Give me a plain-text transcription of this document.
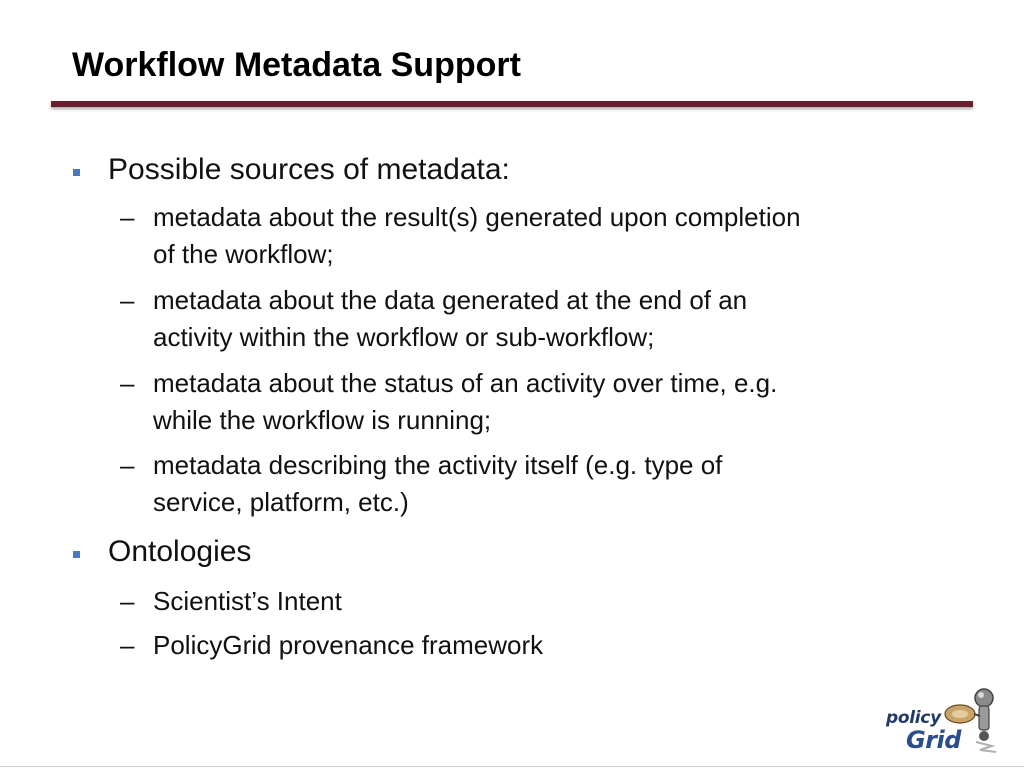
Workflow Metadata Support
Possible sources of metadata:
– metadata about the result(s) generated upon completion
of the workflow;
– metadata about the data generated at the end of an
activity within the workflow or sub-workflow;
– metadata about the status of an activity over time, e.g.
while the workflow is running;
– metadata describing the activity itself (e.g. type of
service, platform, etc.)
Ontologies
– Scientist’s Intent
– PolicyGrid provenance framework
policy
Grid
